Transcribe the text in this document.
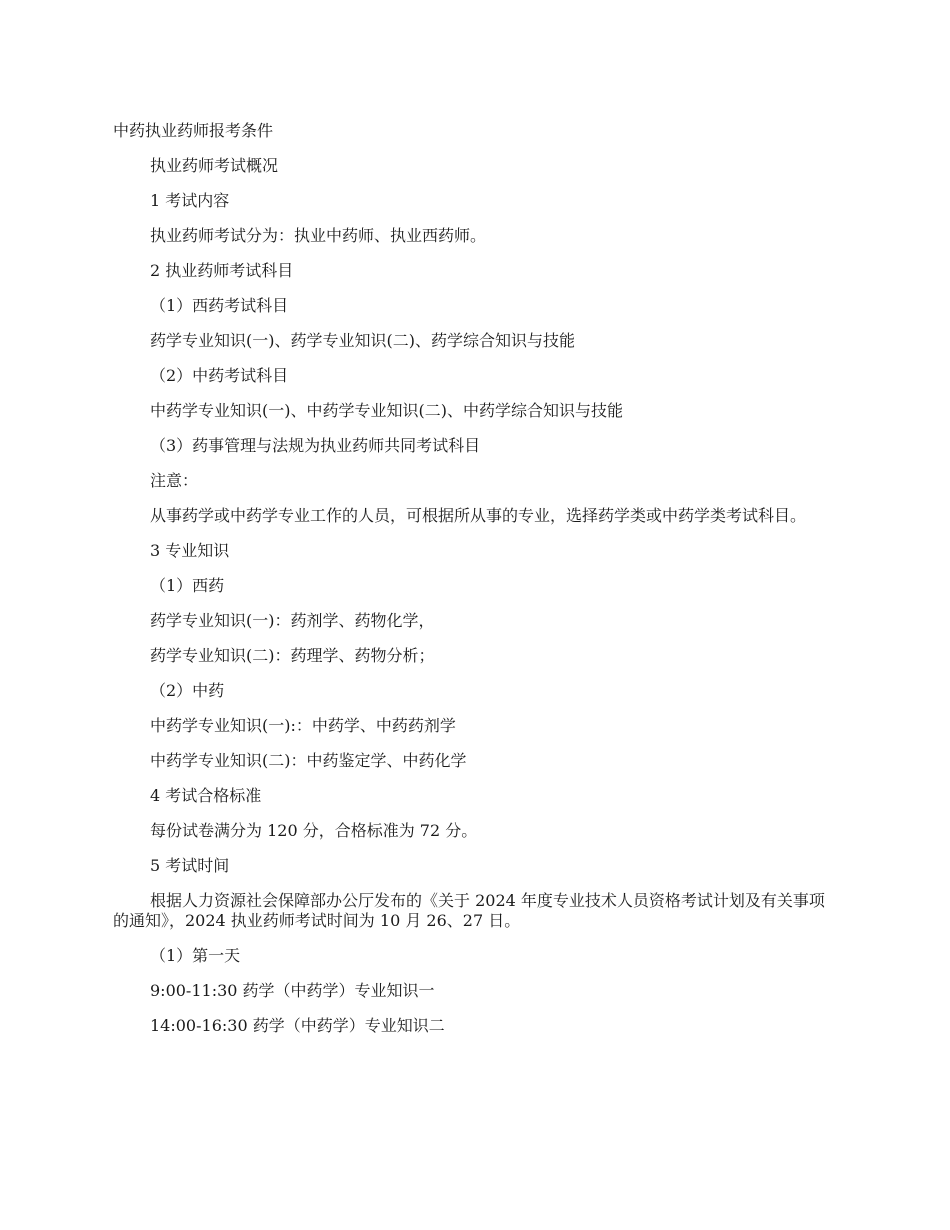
中药执业药师报考条件

执业药师考试概况

1 考试内容

执业药师考试分为：执业中药师、执业西药师。

2 执业药师考试科目

（1）西药考试科目

药学专业知识(一)、药学专业知识(二)、药学综合知识与技能

（2）中药考试科目

中药学专业知识(一)、中药学专业知识(二)、中药学综合知识与技能

（3）药事管理与法规为执业药师共同考试科目

注意：

从事药学或中药学专业工作的人员，可根据所从事的专业，选择药学类或中药学类考试科目。

3 专业知识

（1）西药

药学专业知识(一)：药剂学、药物化学，

药学专业知识(二)：药理学、药物分析；

（2）中药

中药学专业知识(一):：中药学、中药药剂学

中药学专业知识(二)：中药鉴定学、中药化学

4 考试合格标准

每份试卷满分为 120 分，合格标准为 72 分。

5 考试时间

根据人力资源社会保障部办公厅发布的《关于 2024 年度专业技术人员资格考试计划及有关事项的通知》，2024 执业药师考试时间为 10 月 26、27 日。

（1）第一天

9:00-11:30 药学（中药学）专业知识一

14:00-16:30 药学（中药学）专业知识二
